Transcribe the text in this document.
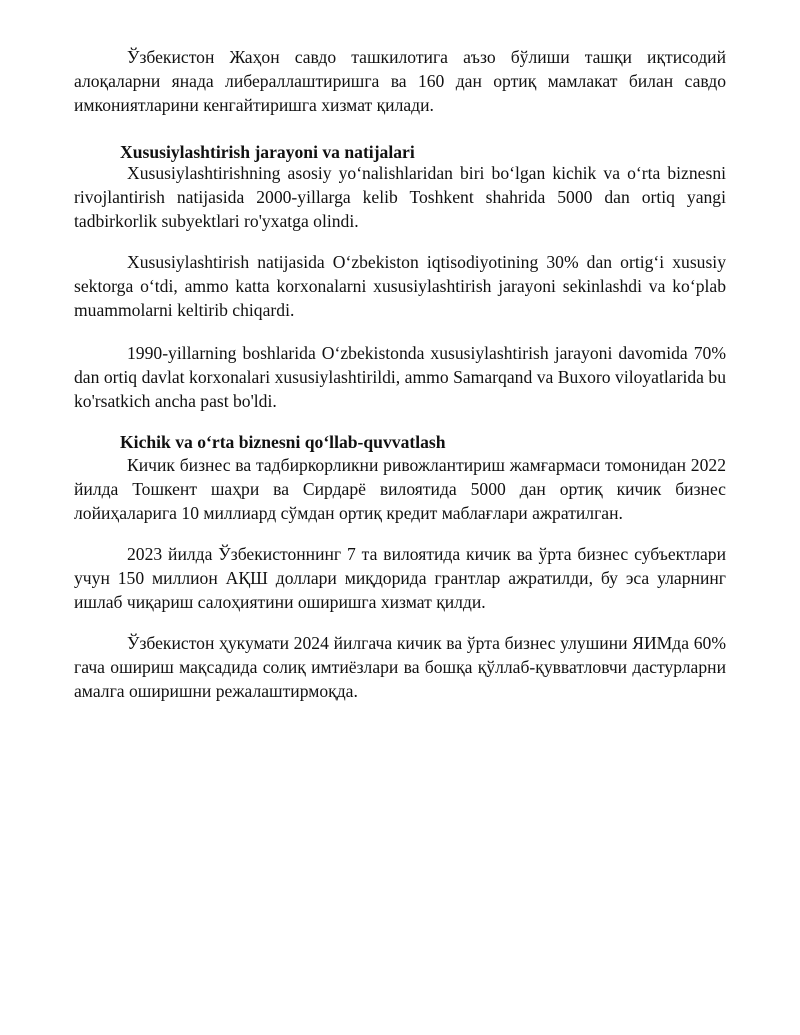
Ўзбекистон Жаҳон савдо ташкилотига аъзо бўлиши ташқи иқтисодий алоқаларни янада либераллаштиришга ва 160 дан ортиқ мамлакат билан савдо имкониятларини кенгайтиришга хизмат қилади.

Xususiylashtirish jarayoni va natijalari

Xususiylashtirishning asosiy yoʻnalishlaridan biri boʻlgan kichik va oʻrta biznesni rivojlantirish natijasida 2000-yillarga kelib Toshkent shahrida 5000 dan ortiq yangi tadbirkorlik subyektlari ro'yxatga olindi.

Xususiylashtirish natijasida Oʻzbekiston iqtisodiyotining 30% dan ortigʻi xususiy sektorga oʻtdi, ammo katta korxonalarni xususiylashtirish jarayoni sekinlashdi va koʻplab muammolarni keltirib chiqardi.

1990-yillarning boshlarida Oʻzbekistonda xususiylashtirish jarayoni davomida 70% dan ortiq davlat korxonalari xususiylashtirildi, ammo Samarqand va Buxoro viloyatlarida bu ko'rsatkich ancha past bo'ldi.

Kichik va oʻrta biznesni qoʻllab-quvvatlash

Кичик бизнес ва тадбиркорликни ривожлантириш жамғармаси томонидан 2022 йилда Тошкент шаҳри ва Сирдарё вилоятида 5000 дан ортиқ кичик бизнес лойиҳаларига 10 миллиард сўмдан ортиқ кредит маблағлари ажратилган.

2023 йилда Ўзбекистоннинг 7 та вилоятида кичик ва ўрта бизнес субъектлари учун 150 миллион АҚШ доллари миқдорида грантлар ажратилди, бу эса уларнинг ишлаб чиқариш салоҳиятини оширишга хизмат қилди.

Ўзбекистон ҳукумати 2024 йилгача кичик ва ўрта бизнес улушини ЯИМда 60% гача ошириш мақсадида солиқ имтиёзлари ва бошқа қўллаб-қувватловчи дастурларни амалга оширишни режалаштирмоқда.
